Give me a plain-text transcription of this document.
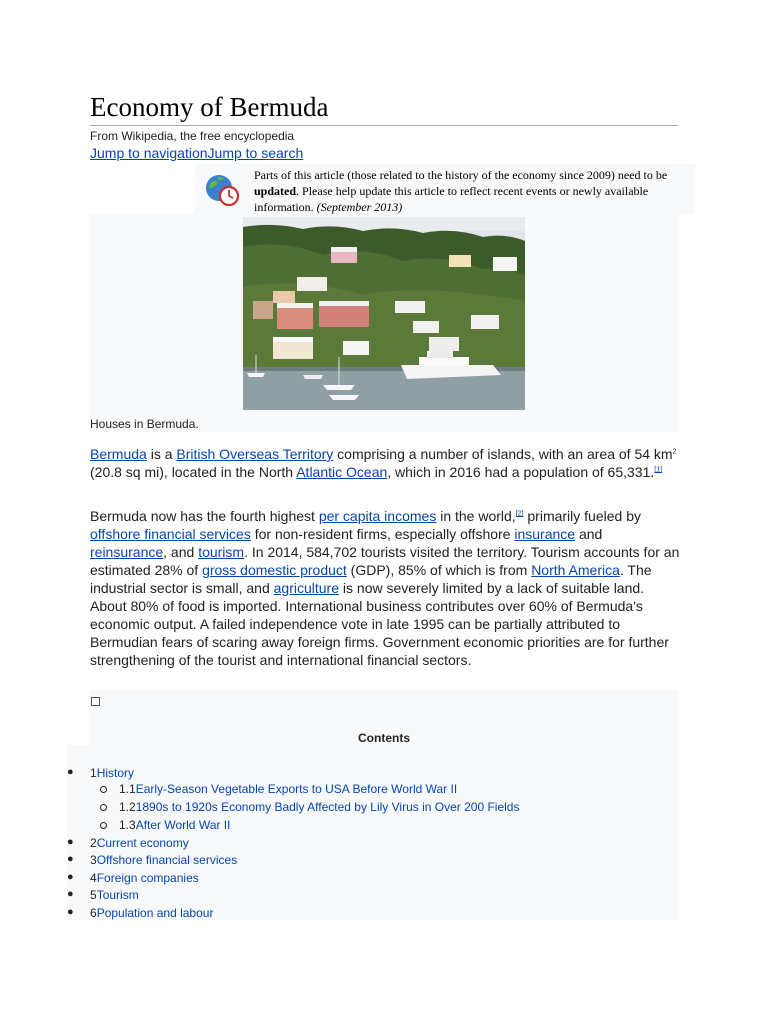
Economy of Bermuda
From Wikipedia, the free encyclopedia
Jump to navigationJump to search
Parts of this article (those related to the history of the economy since 2009) need to be updated. Please help update this article to reflect recent events or newly available information. (September 2013)
Houses in Bermuda.

Bermuda is a British Overseas Territory comprising a number of islands, with an area of 54 $km^2$ (20.8 sq mi), located in the North Atlantic Ocean, which in 2016 had a population of 65,331.[1]

Bermuda now has the fourth highest per capita incomes in the world,[2] primarily fueled by offshore financial services for non-resident firms, especially offshore insurance and reinsurance, and tourism. In 2014, 584,702 tourists visited the territory. Tourism accounts for an estimated 28% of gross domestic product (GDP), 85% of which is from North America. The industrial sector is small, and agriculture is now severely limited by a lack of suitable land. About 80% of food is imported. International business contributes over 60% of Bermuda's economic output. A failed independence vote in late 1995 can be partially attributed to Bermudian fears of scaring away foreign firms. Government economic priorities are for further strengthening of the tourist and international financial sectors.

Contents
● 1History
1.1Early-Season Vegetable Exports to USA Before World War II
1.21890s to 1920s Economy Badly Affected by Lily Virus in Over 200 Fields
1.3After World War II
● 2Current economy
● 3Offshore financial services
● 4Foreign companies
● 5Tourism
● 6Population and labour
